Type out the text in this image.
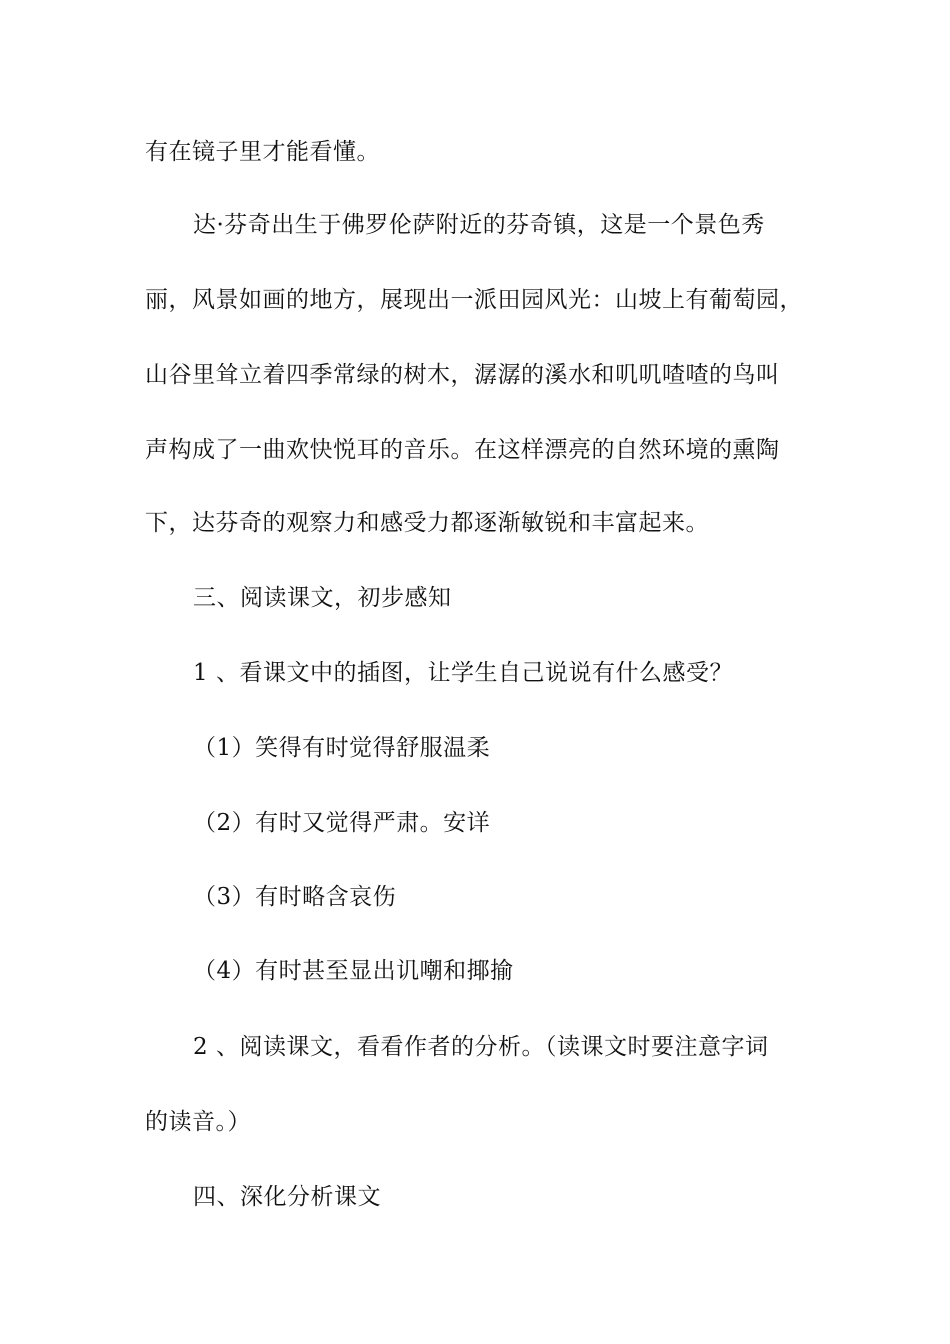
有在镜子里才能看懂。
达·芬奇出生于佛罗伦萨附近的芬奇镇，这是一个景色秀
丽，风景如画的地方，展现出一派田园风光：山坡上有葡萄园，
山谷里耸立着四季常绿的树木，潺潺的溪水和叽叽喳喳的鸟叫
声构成了一曲欢快悦耳的音乐。在这样漂亮的自然环境的熏陶
下，达芬奇的观察力和感受力都逐渐敏锐和丰富起来。
三、阅读课文，初步感知
1 、看课文中的插图，让学生自己说说有什么感受？
（1）笑得有时觉得舒服温柔
（2）有时又觉得严肃。安详
（3）有时略含哀伤
（4）有时甚至显出讥嘲和揶揄
2 、阅读课文，看看作者的分析。（读课文时要注意字词
的读音。）
四、深化分析课文
